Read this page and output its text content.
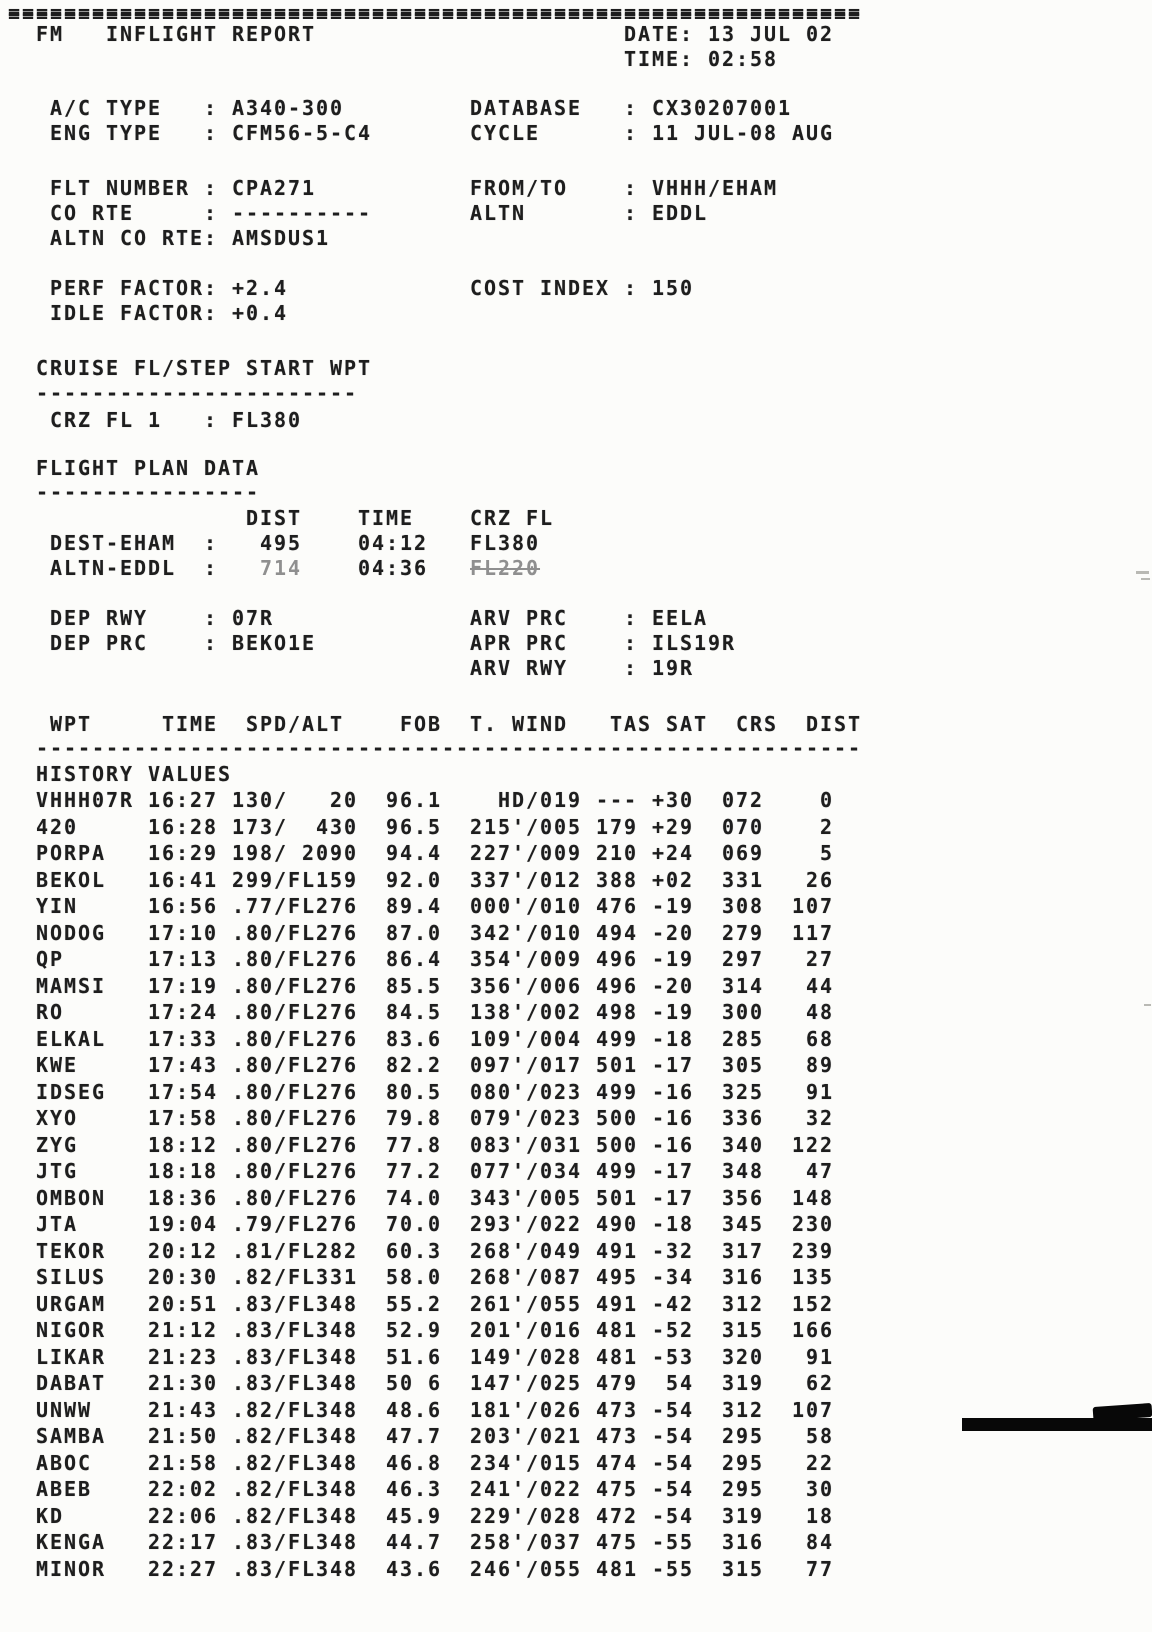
=============================================================
FM INFLIGHT REPORT	DATE: 13 JUL 02
TIME: 02:58
A/C TYPE   : A340-300	DATABASE   : CX30207001
ENG TYPE   : CFM56-5-C4	CYCLE      : 11 JUL-08 AUG
FLT NUMBER : CPA271	FROM/TO    : VHHH/EHAM
CO RTE     : ----------	ALTN       : EDDL
ALTN CO RTE: AMSDUS1
PERF FACTOR: +2.4	COST INDEX : 150
IDLE FACTOR: +0.4
DEP RWY    : 07R	ARV PRC    : EELA
DEP PRC    : BEKO1E	APR PRC    : ILS19R
ARV RWY    : 19R
CRUISE FL/STEP START WPT
-----------------------
CRZ FL 1   : FL380
FLIGHT PLAN DATA
----------------
DIST	TIME	CRZ FL
DEST-EHAM  : 495	04:12 FL380
ALTN-EDDL  : 714	04:36 FL220
WPT	TIME SPD/ALT	FOB T. WIND TAS SAT CRS DIST
-----------------------------------------------------------
HISTORY VALUES
VHHH07R 16:27 130/   20 96.1 HD/019 --- +30 072 0
420	16:28 173/  430 96.5 215'/005 179 +29 070 2
PORPA 16:29 198/ 2090 94.4 227'/009 210 +24 069 5
BEKOL 16:41 299/FL159 92.0 337'/012 388 +02 331 26
YIN	16:56 .77/FL276 89.4 000'/010 476 -19 308 107
NODOG 17:10 .80/FL276 87.0 342'/010 494 -20 279 117
QP	17:13 .80/FL276 86.4 354'/009 496 -19 297 27
MAMSI 17:19 .80/FL276 85.5 356'/006 496 -20 314 44
RO	17:24 .80/FL276 84.5 138'/002 498 -19 300 48
ELKAL 17:33 .80/FL276 83.6 109'/004 499 -18 285 68
KWE	17:43 .80/FL276 82.2 097'/017 501 -17 305 89
IDSEG 17:54 .80/FL276 80.5 080'/023 499 -16 325 91
XYO	17:58 .80/FL276 79.8 079'/023 500 -16 336 32
ZYG	18:12 .80/FL276 77.8 083'/031 500 -16 340 122
JTG	18:18 .80/FL276 77.2 077'/034 499 -17 348 47
OMBON 18:36 .80/FL276 74.0 343'/005 501 -17 356 148
JTA	19:04 .79/FL276 70.0 293'/022 490 -18 345 230
TEKOR 20:12 .81/FL282 60.3 268'/049 491 -32 317 239
SILUS 20:30 .82/FL331 58.0 268'/087 495 -34 316 135
URGAM 20:51 .83/FL348 55.2 261'/055 491 -42 312 152
NIGOR 21:12 .83/FL348 52.9 201'/016 481 -52 315 166
LIKAR 21:23 .83/FL348 51.6 149'/028 481 -53 320 91
DABAT 21:30 .83/FL348 50 6 147'/025 479 54 319 62
UNWW	21:43 .82/FL348 48.6 181'/026 473 -54 312 107
SAMBA 21:50 .82/FL348 47.7 203'/021 473 -54 295 58
ABOC	21:58 .82/FL348 46.8 234'/015 474 -54 295 22
ABEB	22:02 .82/FL348 46.3 241'/022 475 -54 295 30
KD	22:06 .82/FL348 45.9 229'/028 472 -54 319 18
KENGA 22:17 .83/FL348 44.7 258'/037 475 -55 316 84
MINOR 22:27 .83/FL348 43.6 246'/055 481 -55 315 77
